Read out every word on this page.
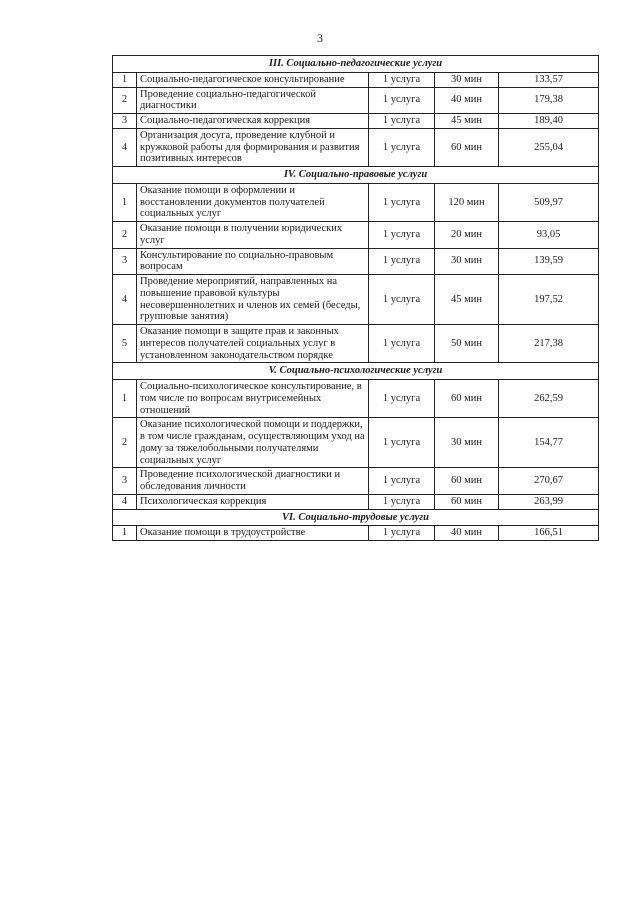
3
III. Социально-педагогические услуги				
1	Социально-педагогическое консультирование	1 услуга	30 мин	133,57
2	Проведение социально-педагогической диагностики	1 услуга	40 мин	179,38
3	Социально-педагогическая коррекция	1 услуга	45 мин	189,40
4	Организация досуга, проведение клубной и кружковой работы для формирования и развития позитивных интересов	1 услуга	60 мин	255,04
IV. Социально-правовые услуги				
1	Оказание помощи в оформлении и восстановлении документов получателей социальных услуг	1 услуга	120 мин	509,97
2	Оказание помощи в получении юридических услуг	1 услуга	20 мин	93,05
3	Консультирование по социально-правовым вопросам	1 услуга	30 мин	139,59
4	Проведение мероприятий, направленных на повышение правовой культуры несовершеннолетних и членов их семей (беседы, групповые занятия)	1 услуга	45 мин	197,52
5	Оказание помощи в защите прав и законных интересов получателей социальных услуг в установленном законодательством порядке	1 услуга	50 мин	217,38
V. Социально-психологические услуги				
1	Социально-психологическое консультирование, в том числе по вопросам внутрисемейных отношений	1 услуга	60 мин	262,59
2	Оказание психологической помощи и поддержки, в том числе гражданам, осуществляющим уход на дому за тяжелобольными получателями социальных услуг	1 услуга	30 мин	154,77
3	Проведение психологической диагностики и обследования личности	1 услуга	60 мин	270,67
4	Психологическая коррекция	1 услуга	60 мин	263,99
VI. Социально-трудовые услуги				
1	Оказание помощи в трудоустройстве	1 услуга	40 мин	166,51
